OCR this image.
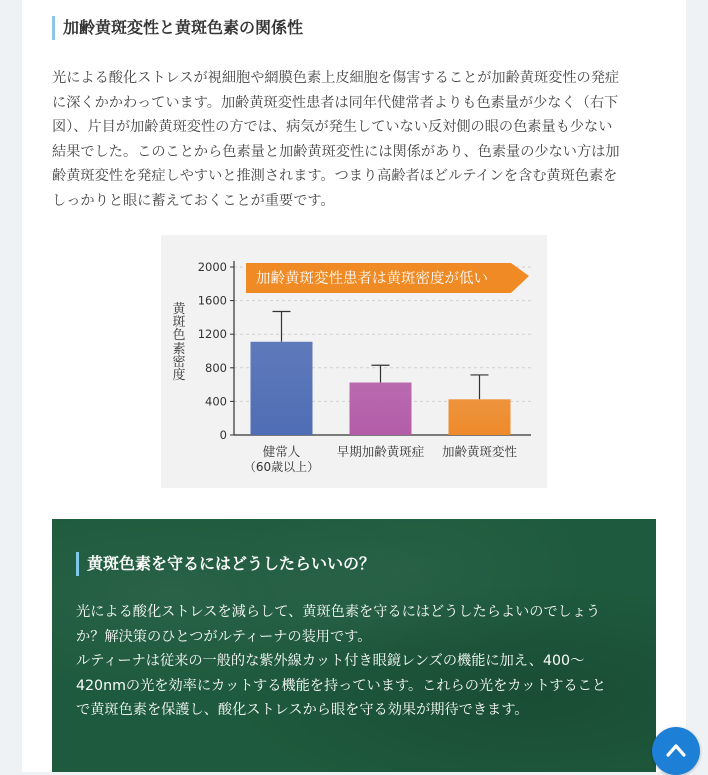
加齢黄斑変性と黄斑色素の関係性
光による酸化ストレスが視細胞や網膜色素上皮細胞を傷害することが加齢黄斑変性の発症
に深くかかわっています。加齢黄斑変性患者は同年代健常者よりも色素量が少なく（右下
図）、片目が加齢黄斑変性の方では、病気が発生していない反対側の眼の色素量も少ない
結果でした。このことから色素量と加齢黄斑変性には関係があり、色素量の少ない方は加
齢黄斑変性を発症しやすいと推測されます。つまり高齢者ほどルテインを含む黄斑色素を
しっかりと眼に蓄えておくことが重要です。
2000
1600
1200
800
400
0
加齢黄斑変性患者は黄斑密度が低い
健常人
（60歳以上）
早期加齢黄斑症 加齢黄斑変性
黄斑色素密度
黄斑色素を守るにはどうしたらいいの？
光による酸化ストレスを減らして、黄斑色素を守るにはどうしたらよいのでしょう
か？解決策のひとつがルティーナの装用です。
ルティーナは従来の一般的な紫外線カット付き眼鏡レンズの機能に加え、400〜
420nmの光を効率にカットする機能を持っています。これらの光をカットすること
で黄斑色素を保護し、酸化ストレスから眼を守る効果が期待できます。
